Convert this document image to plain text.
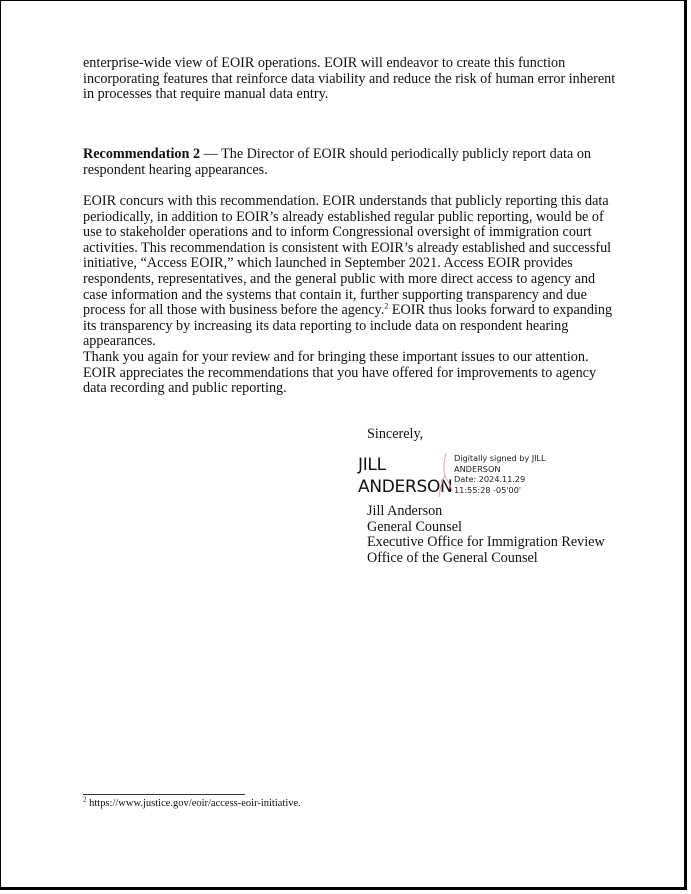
enterprise-wide view of EOIR operations. EOIR will endeavor to create this function incorporating features that reinforce data viability and reduce the risk of human error inherent in processes that require manual data entry.

Recommendation 2 — The Director of EOIR should periodically publicly report data on respondent hearing appearances.

EOIR concurs with this recommendation. EOIR understands that publicly reporting this data periodically, in addition to EOIR’s already established regular public reporting, would be of use to stakeholder operations and to inform Congressional oversight of immigration court activities. This recommendation is consistent with EOIR’s already established and successful initiative, “Access EOIR,” which launched in September 2021. Access EOIR provides respondents, representatives, and the general public with more direct access to agency and case information and the systems that contain it, further supporting transparency and due process for all those with business before the agency.$^2$ EOIR thus looks forward to expanding its transparency by increasing its data reporting to include data on respondent hearing appearances.

Thank you again for your review and for bringing these important issues to our attention. EOIR appreciates the recommendations that you have offered for improvements to agency data recording and public reporting.

Sincerely,
JILL
ANDERSON
Digitally signed by JILL
ANDERSON
Date: 2024.11.29
11:55:28 -05'00'
Jill Anderson
General Counsel
Executive Office for Immigration Review
Office of the General Counsel
$^2$ https://www.justice.gov/eoir/access-eoir-initiative.
